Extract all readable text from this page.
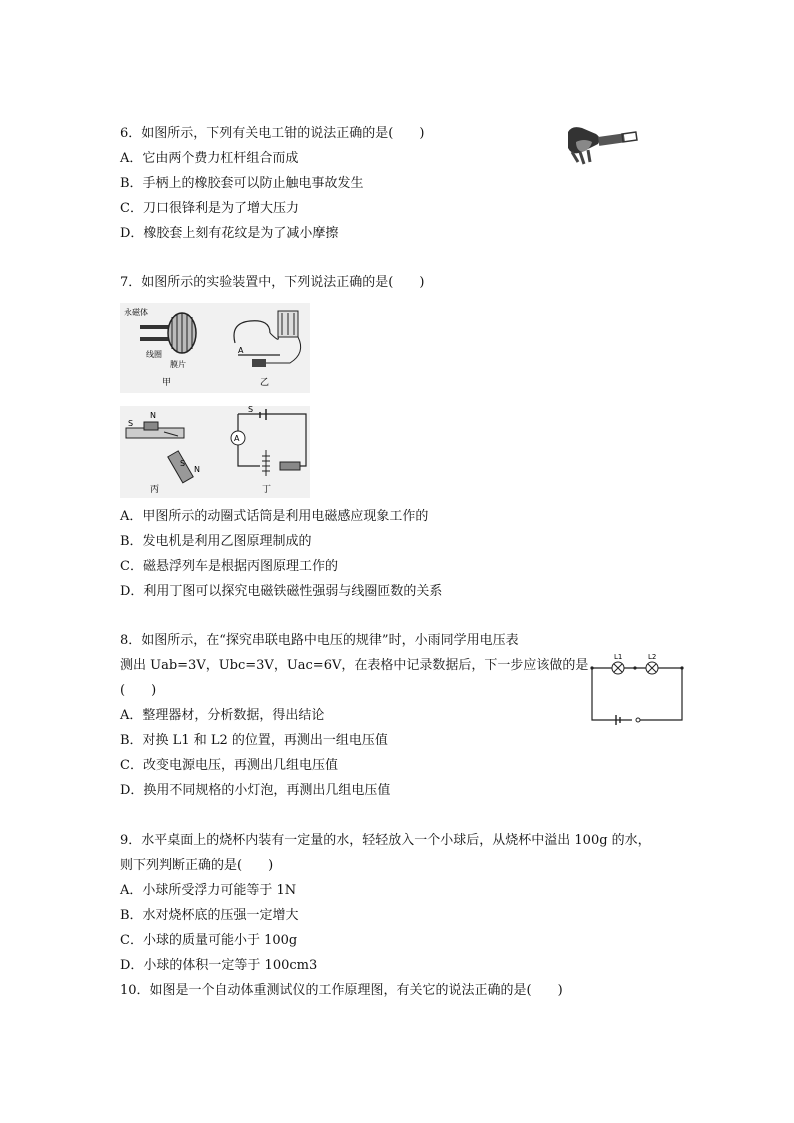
6．如图所示，下列有关电工钳的说法正确的是(　　)
A．它由两个费力杠杆组合而成
B．手柄上的橡胶套可以防止触电事故发生
C．刀口很锋利是为了增大压力
D．橡胶套上刻有花纹是为了减小摩擦
7．如图所示的实验装置中，下列说法正确的是(　　)
永磁体
线圈
膜片
甲
A
乙
S
N
S
N
丙
A
S
丁
A．甲图所示的动圈式话筒是利用电磁感应现象工作的
B．发电机是利用乙图原理制成的
C．磁悬浮列车是根据丙图原理工作的
D．利用丁图可以探究电磁铁磁性强弱与线圈匝数的关系
8．如图所示，在“探究串联电路中电压的规律”时，小雨同学用电压表
测出 Uab=3V，Ubc=3V，Uac=6V，在表格中记录数据后，下一步应该做的是
(　　)
L1	L2
A．整理器材，分析数据，得出结论
B．对换 L1 和 L2 的位置，再测出一组电压值
C．改变电源电压，再测出几组电压值
D．换用不同规格的小灯泡，再测出几组电压值
9．水平桌面上的烧杯内装有一定量的水，轻轻放入一个小球后，从烧杯中溢出 100g 的水，
则下列判断正确的是(　　)
A．小球所受浮力可能等于 1N
B．水对烧杯底的压强一定增大
C．小球的质量可能小于 100g
D．小球的体积一定等于 100cm3
10．如图是一个自动体重测试仪的工作原理图，有关它的说法正确的是(　　)
